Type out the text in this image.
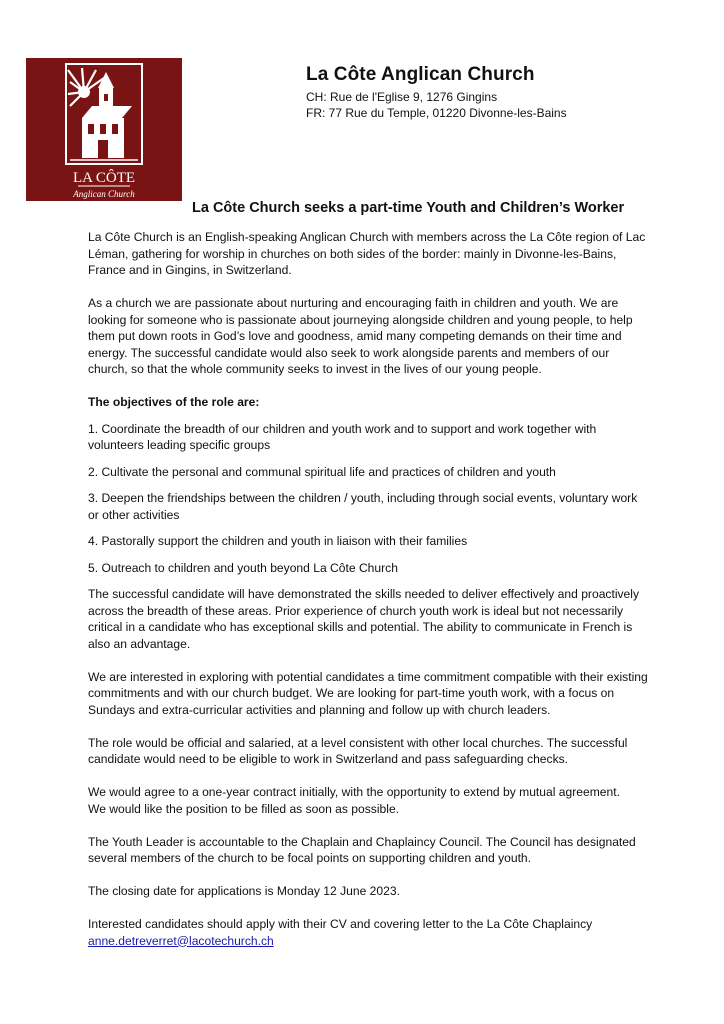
LA CÔTE
Anglican Church

La Côte Anglican Church

CH: Rue de l'Eglise 9, 1276 Gingins

FR: 77 Rue du Temple, 01220 Divonne-les-Bains

La Côte Church seeks a part-time Youth and Children’s Worker

La Côte Church is an English-speaking Anglican Church with members across the La Côte region of Lac Léman, gathering for worship in churches on both sides of the border: mainly in Divonne-les-Bains, France and in Gingins, in Switzerland.

As a church we are passionate about nurturing and encouraging faith in children and youth. We are looking for someone who is passionate about journeying alongside children and young people, to help them put down roots in God’s love and goodness, amid many competing demands on their time and energy. The successful candidate would also seek to work alongside parents and members of our church, so that the whole community seeks to invest in the lives of our young people.

The objectives of the role are:

1. Coordinate the breadth of our children and youth work and to support and work together with volunteers leading specific groups

2. Cultivate the personal and communal spiritual life and practices of children and youth

3. Deepen the friendships between the children / youth, including through social events, voluntary work or other activities

4. Pastorally support the children and youth in liaison with their families

5. Outreach to children and youth beyond La Côte Church

The successful candidate will have demonstrated the skills needed to deliver effectively and proactively across the breadth of these areas. Prior experience of church youth work is ideal but not necessarily critical in a candidate who has exceptional skills and potential. The ability to communicate in French is also an advantage.

We are interested in exploring with potential candidates a time commitment compatible with their existing commitments and with our church budget. We are looking for part-time youth work, with a focus on Sundays and extra-curricular activities and planning and follow up with church leaders.

The role would be official and salaried, at a level consistent with other local churches. The successful candidate would need to be eligible to work in Switzerland and pass safeguarding checks.

We would agree to a one-year contract initially, with the opportunity to extend by mutual agreement.

We would like the position to be filled as soon as possible.

The Youth Leader is accountable to the Chaplain and Chaplaincy Council. The Council has designated several members of the church to be focal points on supporting children and youth.

The closing date for applications is Monday 12 June 2023.

Interested candidates should apply with their CV and covering letter to the La Côte Chaplaincy

anne.detreverret@lacotechurch.ch
